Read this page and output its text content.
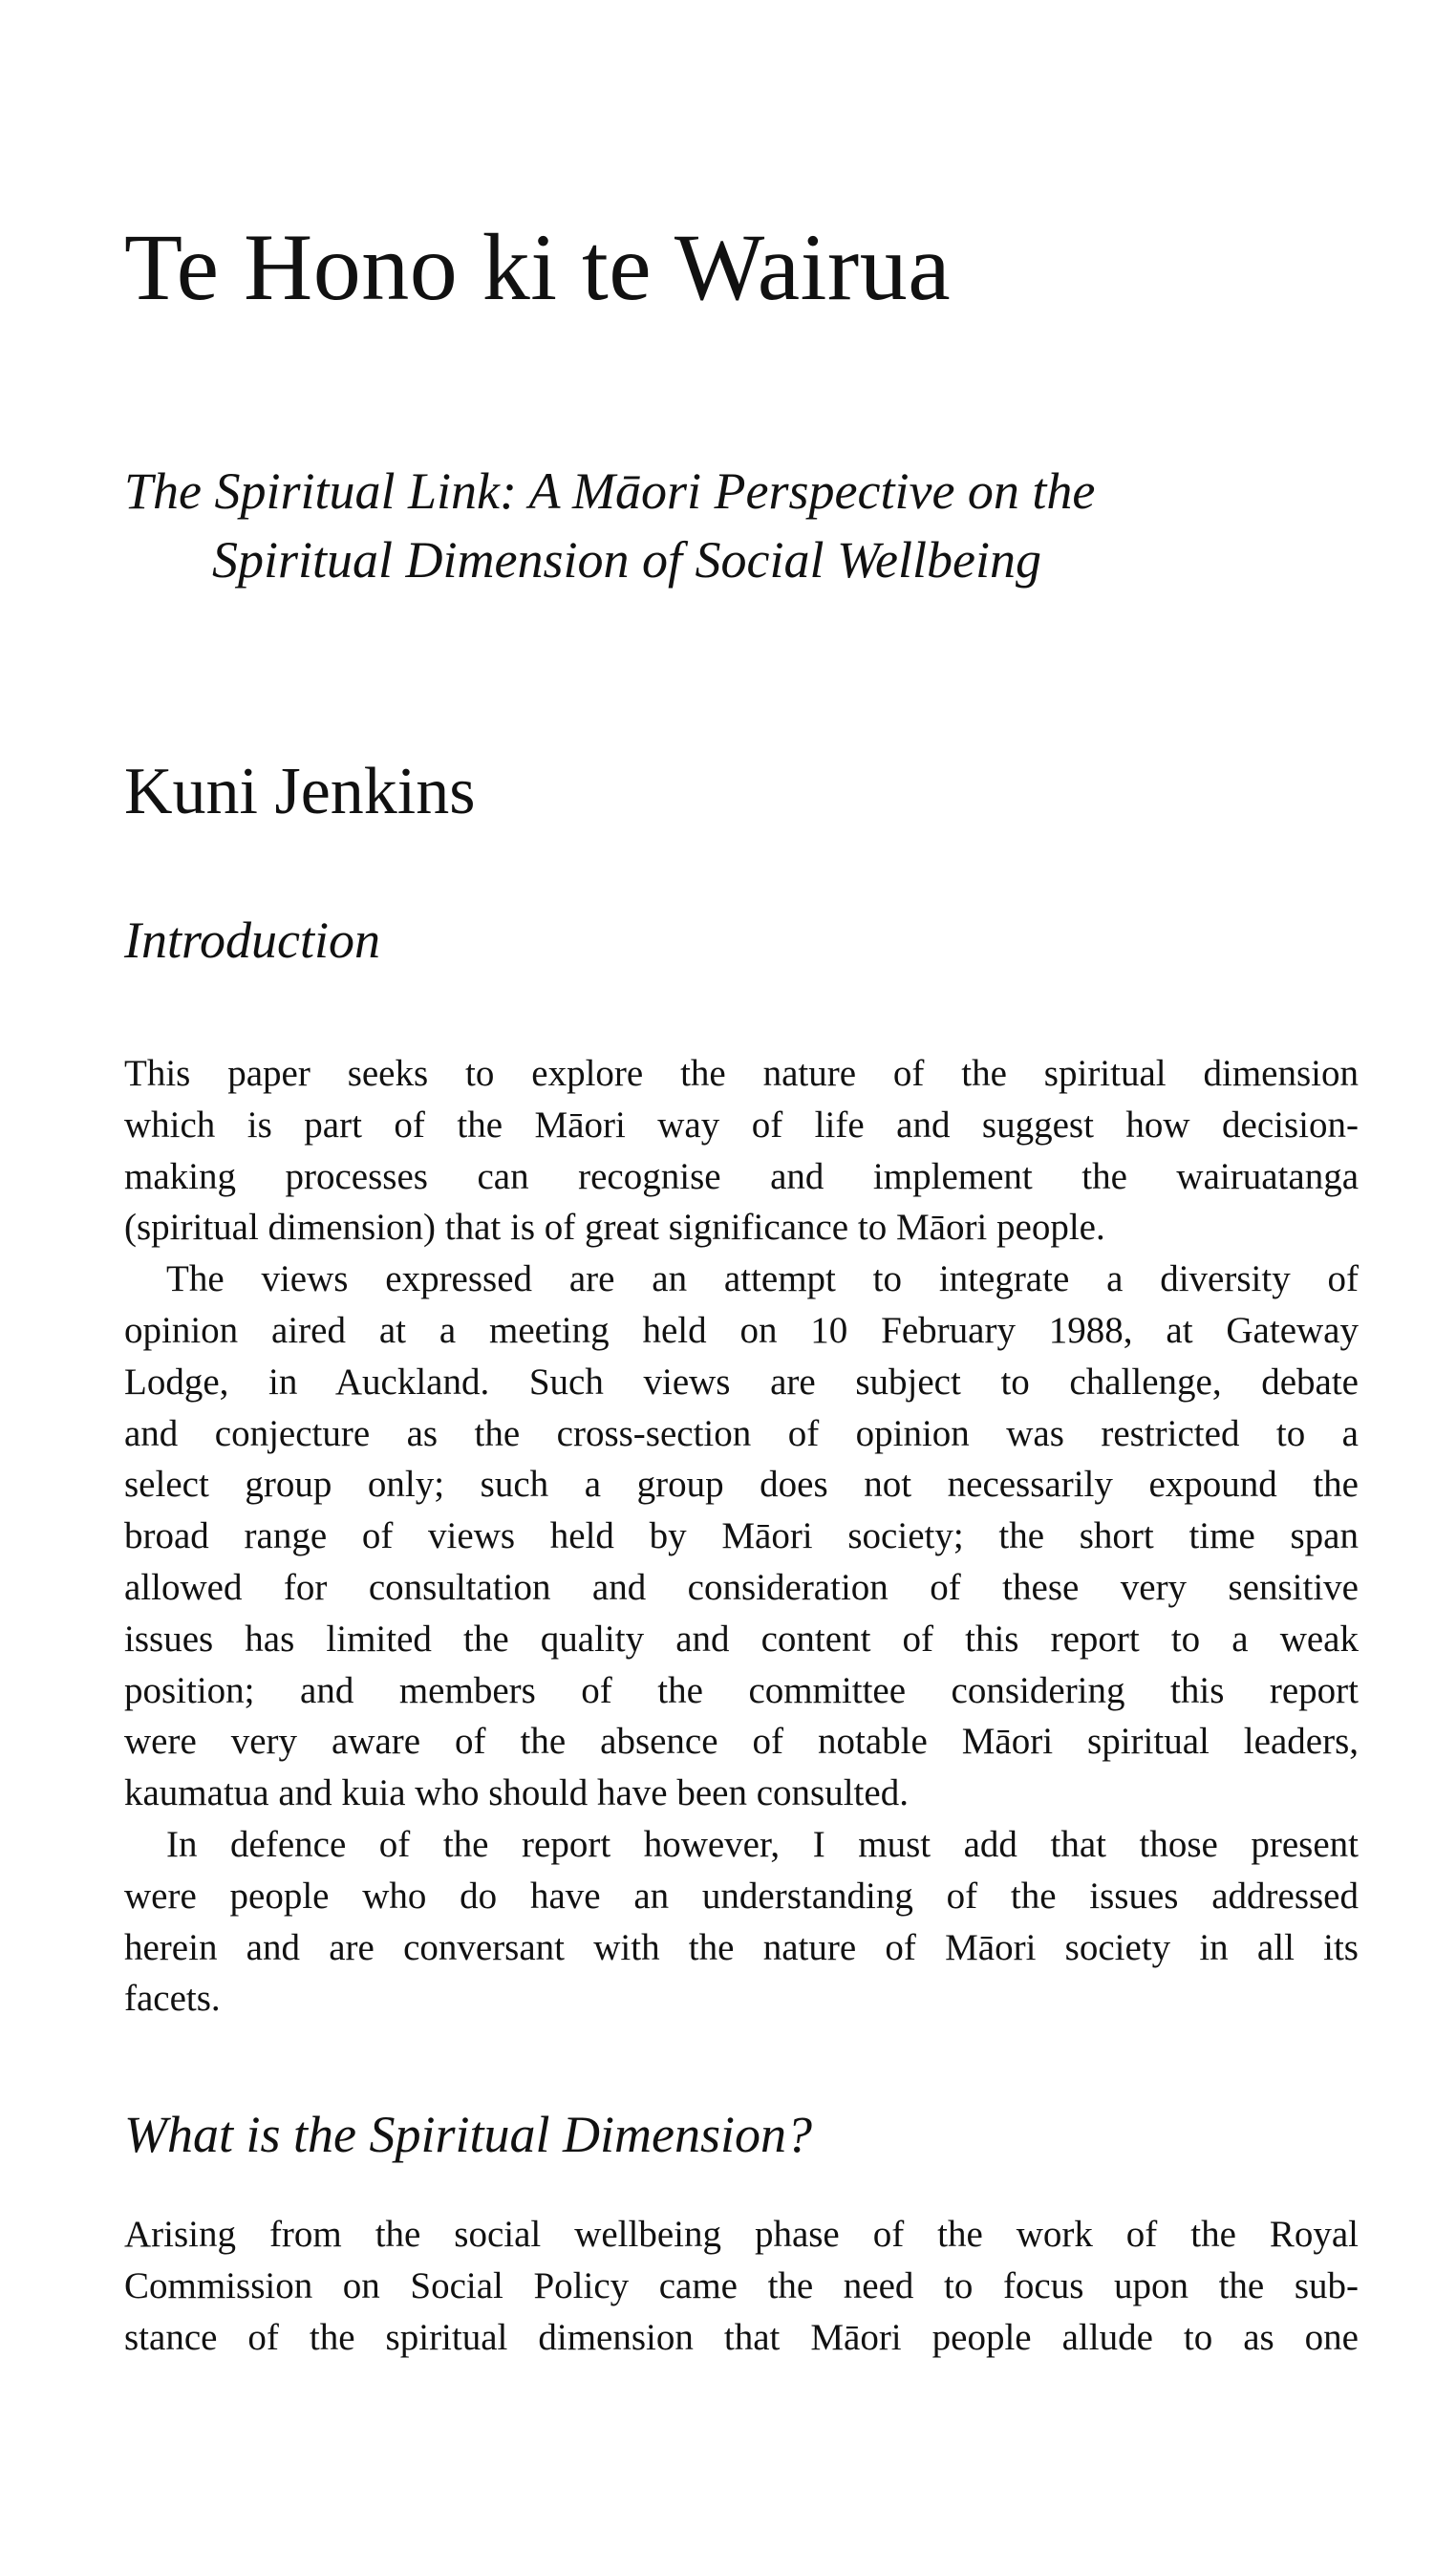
Te Hono ki te Wairua
The Spiritual Link: A Māori Perspective on the
Spiritual Dimension of Social Wellbeing
Kuni Jenkins
Introduction
This paper seeks to explore the nature of the spiritual dimension
which is part of the Māori way of life and suggest how decision-
making processes can recognise and implement the wairuatanga
(spiritual dimension) that is of great significance to Māori people.
The views expressed are an attempt to integrate a diversity of
opinion aired at a meeting held on 10 February 1988, at Gateway
Lodge, in Auckland. Such views are subject to challenge, debate
and conjecture as the cross-section of opinion was restricted to a
select group only; such a group does not necessarily expound the
broad range of views held by Māori society; the short time span
allowed for consultation and consideration of these very sensitive
issues has limited the quality and content of this report to a weak
position; and members of the committee considering this report
were very aware of the absence of notable Māori spiritual leaders,
kaumatua and kuia who should have been consulted.
In defence of the report however, I must add that those present
were people who do have an understanding of the issues addressed
herein and are conversant with the nature of Māori society in all its
facets.
What is the Spiritual Dimension?
Arising from the social wellbeing phase of the work of the Royal
Commission on Social Policy came the need to focus upon the sub-
stance of the spiritual dimension that Māori people allude to as one
